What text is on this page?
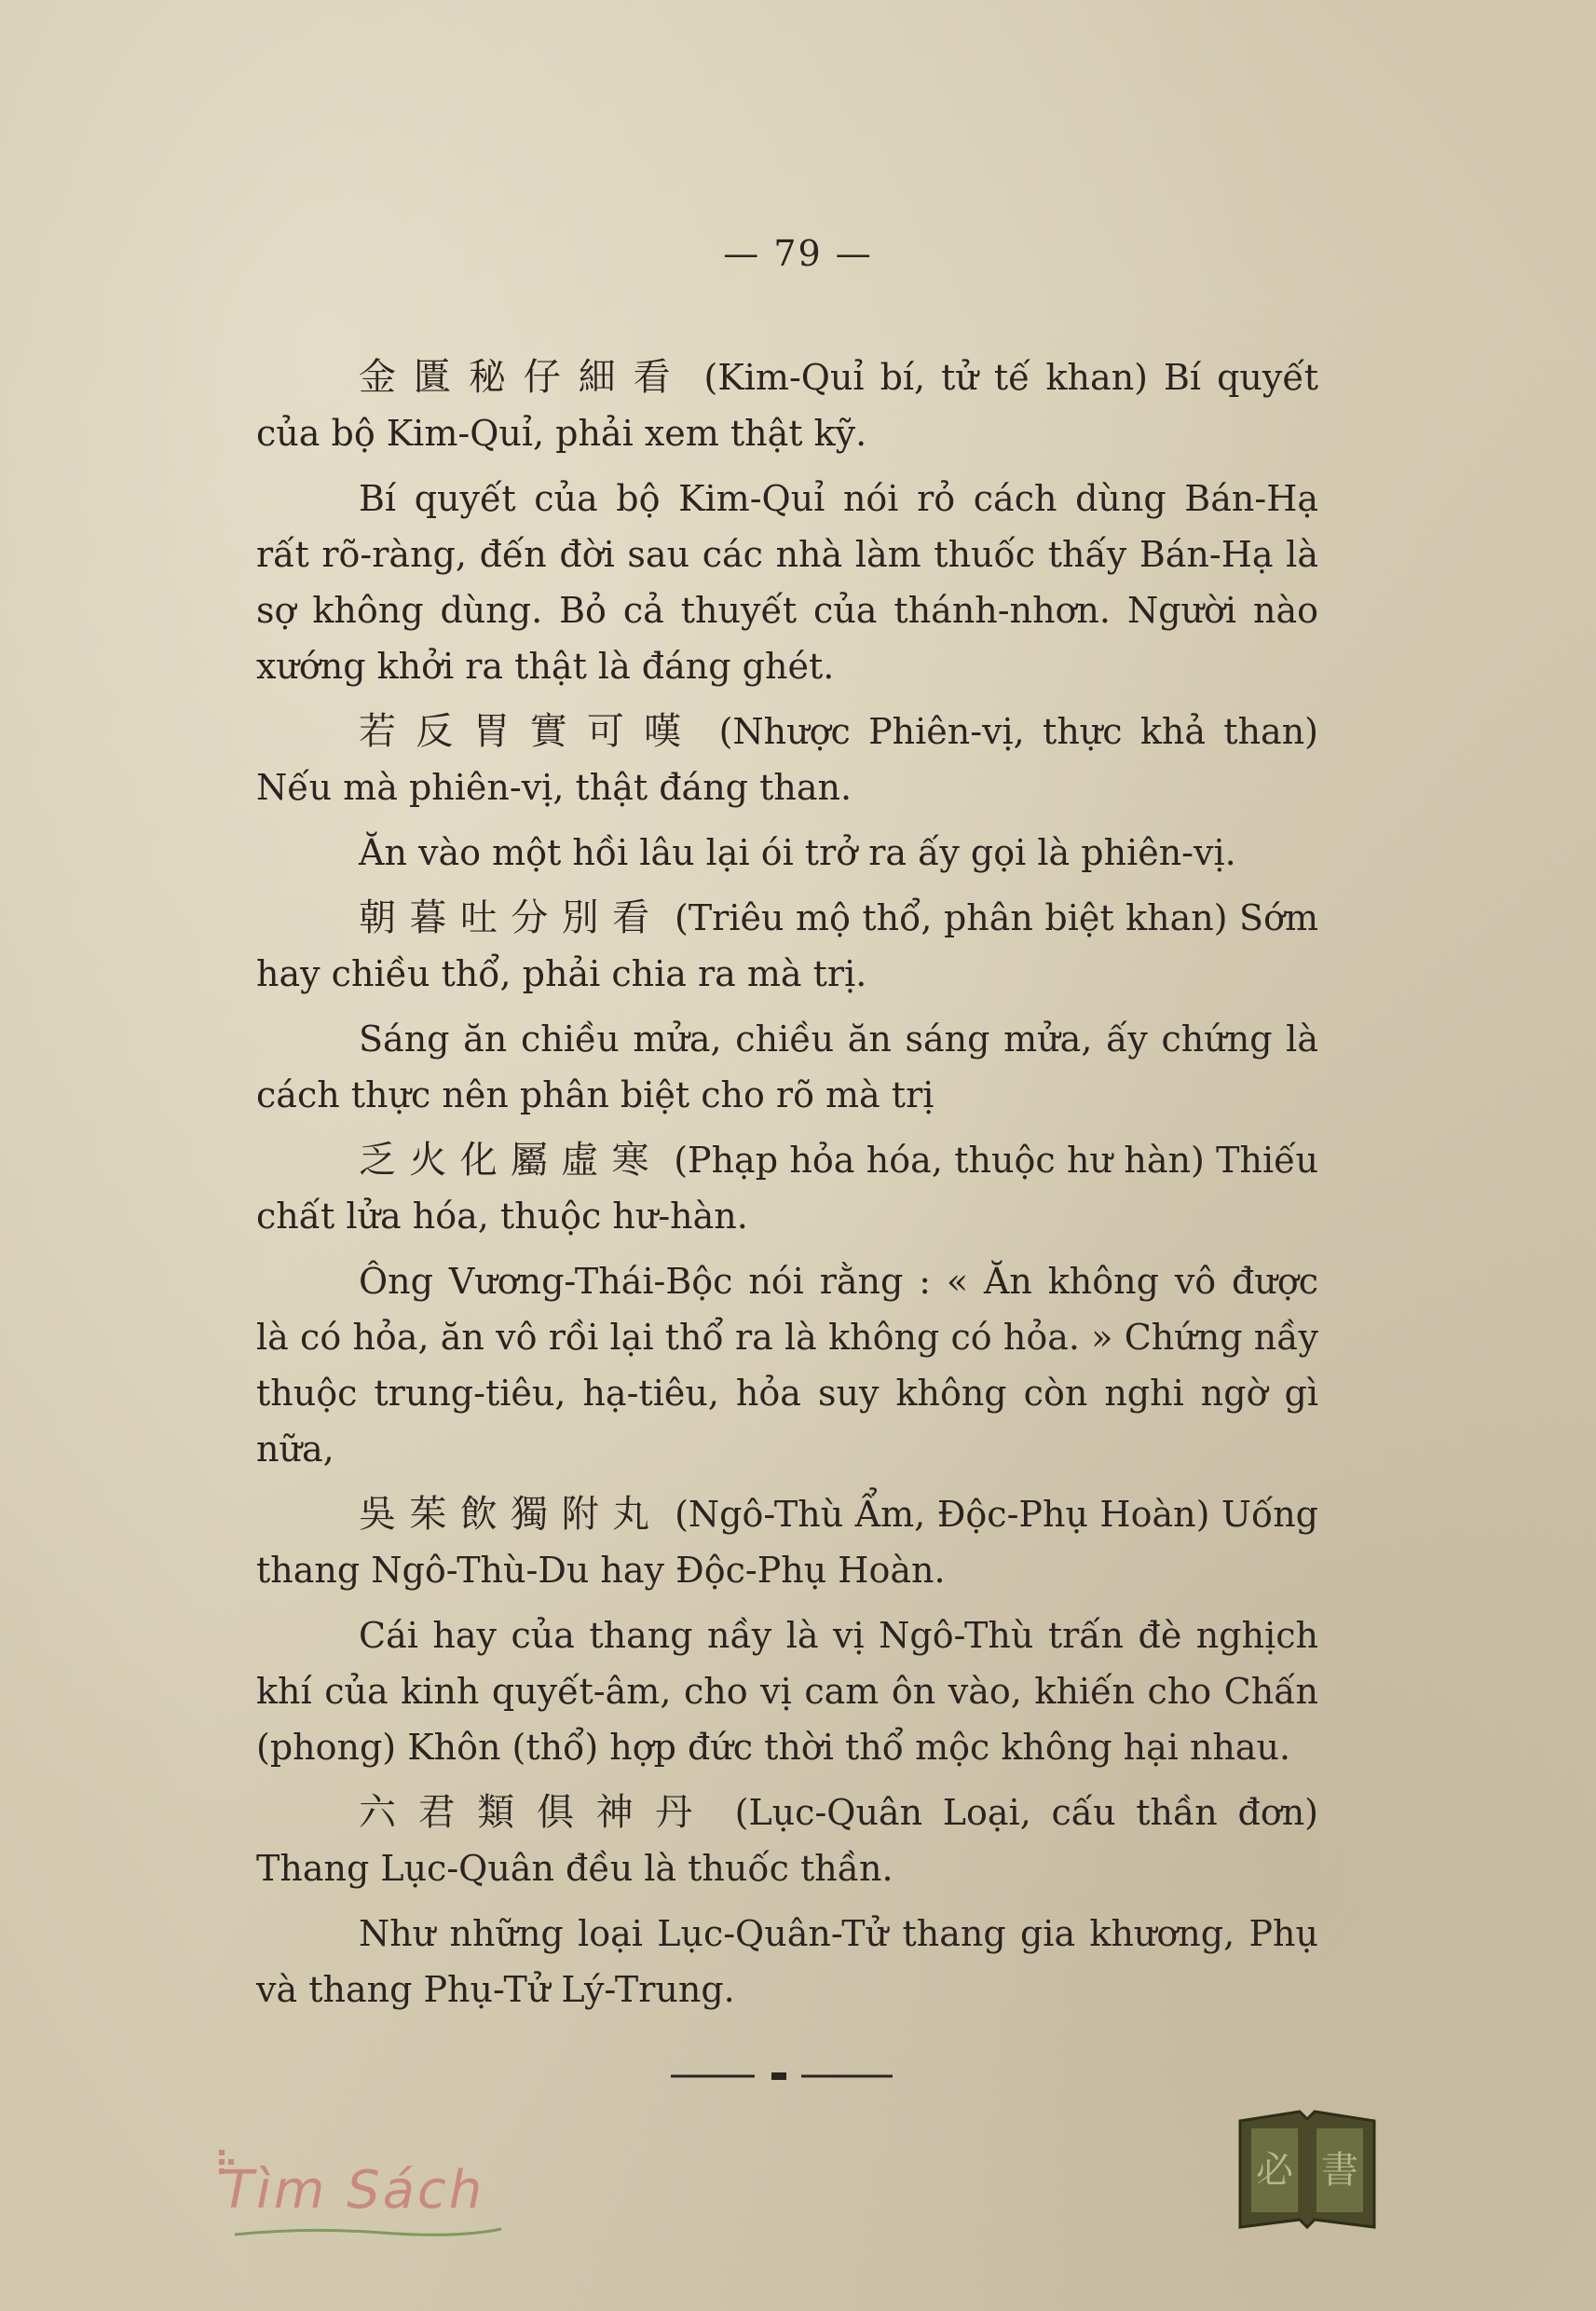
— 79 —

金匱秘仔細看 (Kim-Quỉ bí, tử tế khan) Bí quyết của bộ Kim-Quỉ, phải xem thật kỹ.

Bí quyết của bộ Kim-Quỉ nói rỏ cách dùng Bán-Hạ rất rõ-ràng, đến đời sau các nhà làm thuốc thấy Bán-Hạ là sợ không dùng. Bỏ cả thuyết của thánh-nhơn. Người nào xướng khởi ra thật là đáng ghét.

若反胃實可嘆 (Nhược Phiên-vị, thực khả than) Nếu mà phiên-vị, thật đáng than.

Ăn vào một hồi lâu lại ói trở ra ấy gọi là phiên-vị.

朝暮吐分別看 (Triêu mộ thổ, phân biệt khan) Sớm hay chiều thổ, phải chia ra mà trị.

Sáng ăn chiều mửa, chiều ăn sáng mửa, ấy chứng là cách thực nên phân biệt cho rõ mà trị

乏火化屬虛寒 (Phạp hỏa hóa, thuộc hư hàn) Thiếu chất lửa hóa, thuộc hư-hàn.

Ông Vương-Thái-Bộc nói rằng : « Ăn không vô được là có hỏa, ăn vô rồi lại thổ ra là không có hỏa. » Chứng nầy thuộc trung-tiêu, hạ-tiêu, hỏa suy không còn nghi ngờ gì nữa,

吳茱飲獨附丸 (Ngô-Thù Ẩm, Độc-Phụ Hoàn) Uống thang Ngô-Thù-Du hay Độc-Phụ Hoàn.

Cái hay của thang nầy là vị Ngô-Thù trấn đè nghịch khí của kinh quyết-âm, cho vị cam ôn vào, khiến cho Chấn (phong) Khôn (thổ) hợp đức thời thổ mộc không hại nhau.

六君類俱神丹 (Lục-Quân Loại, cấu thần đơn) Thang Lục-Quân đều là thuốc thần.

Như những loại Lục-Quân-Tử thang gia khương, Phụ và thang Phụ-Tử Lý-Trung.

Tìm Sách	必 書
